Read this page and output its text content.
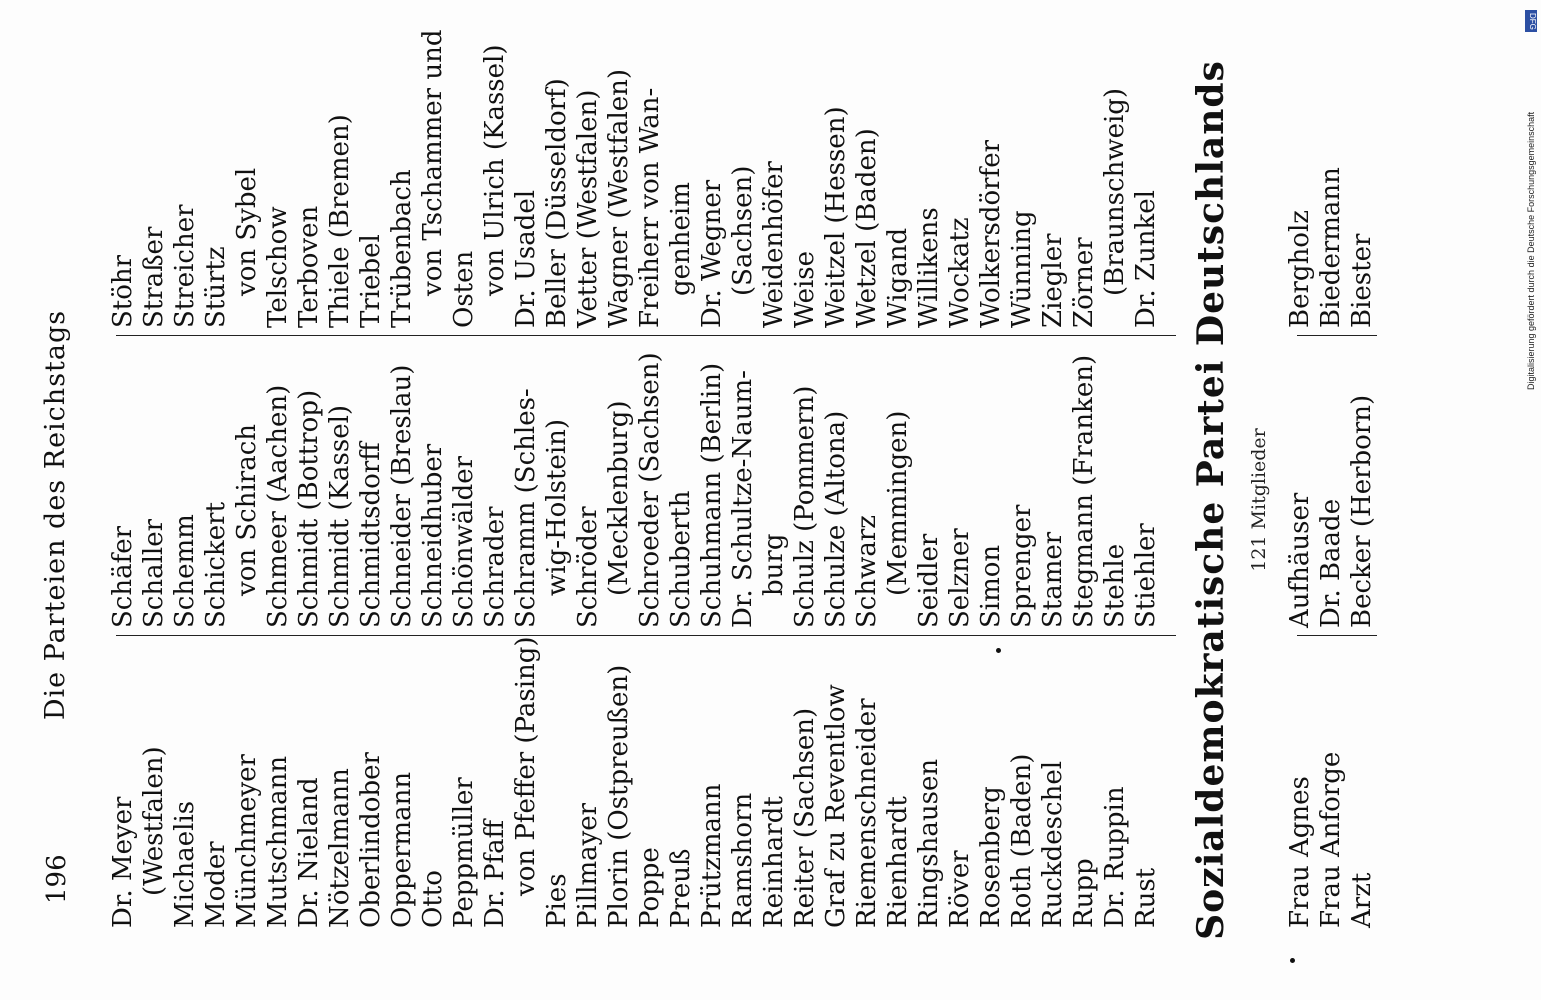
196
Die Parteien des Reichstags
Dr. Meyer (Westfalen) Michaelis Moder Münchmeyer Mutschmann Dr. Nieland Nötzelmann Oberlindober Oppermann Otto Peppmüller Dr. Pfaff von Pfeffer (Pasing)
Pies Pillmayer Plorin (Ostpreußen) Poppe Preuß Prützmann Ramshorn Reinhardt Reiter (Sachsen) Graf zu Reventlow Riemenschneider Rienhardt Ringshausen Röver Rosenberg Roth (Baden) Ruckdeschel Rupp Dr. Ruppin Rust
Schäfer Schaller Schemm Schickert von Schirach Schmeer (Aachen) Schmidt (Bottrop) Schmidt (Kassel) Schmidtsdorff Schneider (Breslau) Schneidhuber Schönwälder Schrader Schramm (Schles- wig-Holstein) Schröder (Mecklenburg) Schroeder (Sachsen) Schuberth Schuhmann (Berlin) Dr. Schultze-Naum- burg Schulz (Pommern) Schulze (Altona) Schwarz (Memmingen) Seidler Selzner Simon Sprenger Stamer Stegmann (Franken) Stehle Stiehler
Stöhr Straßer Streicher Stürtz von Sybel Telschow Terboven Thiele (Bremen) Triebel Trübenbach von Tschammer und Osten von Ulrich (Kassel) Dr. Usadel Beller (Düsseldorf) Vetter (Westfalen) Wagner (Westfalen) Freiherr von Wan- genheim Dr. Wegner (Sachsen) Weidenhöfer Weise Weitzel (Hessen) Wetzel (Baden) Wigand Willikens Wockatz Wolkersdörfer Wünning Ziegler Zörner (Braunschweig) Dr. Zunkel Sozialdemokratische Partei Deutschlands 121 Mitglieder
Frau Agnes Frau Anforge Arzt
Aufhäuser Dr. Baade Becker (Herborn)
Bergholz Biedermann Biester
DFG
Digitalisierung gefördert durch die Deutsche Forschungsgemeinschaft
